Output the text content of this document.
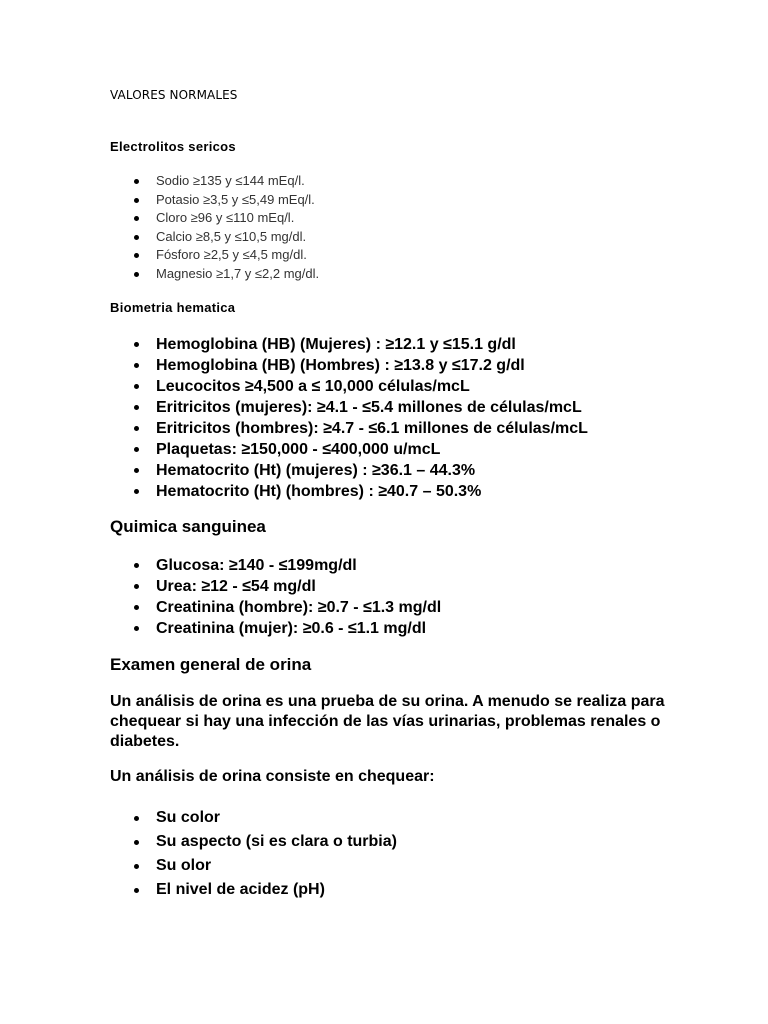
VALORES NORMALES
Electrolitos sericos
Sodio ≥135 y ≤144 mEq/l.
Potasio ≥3,5 y ≤5,49 mEq/l.
Cloro ≥96 y ≤110 mEq/l.
Calcio ≥8,5 y ≤10,5 mg/dl.
Fósforo ≥2,5 y ≤4,5 mg/dl.
Magnesio ≥1,7 y ≤2,2 mg/dl.
Biometria hematica
Hemoglobina (HB) (Mujeres) : ≥12.1 y ≤15.1 g/dl
Hemoglobina (HB) (Hombres) : ≥13.8 y ≤17.2 g/dl
Leucocitos ≥4,500 a ≤ 10,000 células/mcL
Eritricitos (mujeres): ≥4.1 - ≤5.4 millones de células/mcL
Eritricitos (hombres): ≥4.7 - ≤6.1 millones de células/mcL
Plaquetas: ≥150,000 - ≤400,000 u/mcL
Hematocrito (Ht) (mujeres) : ≥36.1 – 44.3%
Hematocrito (Ht) (hombres) : ≥40.7 – 50.3%
Quimica sanguinea
Glucosa: ≥140 - ≤199mg/dl
Urea: ≥12 - ≤54 mg/dl
Creatinina (hombre): ≥0.7 - ≤1.3 mg/dl
Creatinina (mujer): ≥0.6 - ≤1.1 mg/dl
Examen general de orina
Un análisis de orina es una prueba de su orina. A menudo se realiza para chequear si hay una infección de las vías urinarias, problemas renales o diabetes.
Un análisis de orina consiste en chequear:
Su color
Su aspecto (si es clara o turbia)
Su olor
El nivel de acidez (pH)
